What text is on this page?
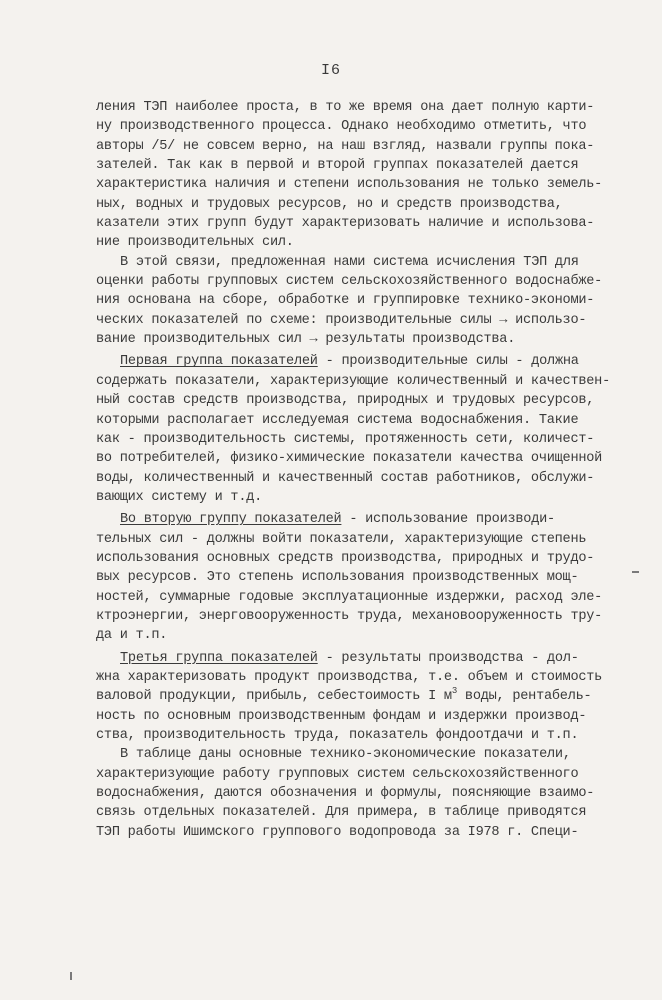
I6
ления ТЭП наиболее проста, в то же время она дает полную карти-
ну производственного процесса. Однако необходимо отметить, что
авторы /5/ не совсем верно, на наш взгляд, назвали группы пока-
зателей. Так как в первой и второй группах показателей дается
характеристика наличия и степени использования не только земель-
ных, водных и трудовых ресурсов, но и средств производства,
казатели этих групп будут характеризовать наличие и использова-
ние производительных сил.
В этой связи, предложенная нами система исчисления ТЭП для
оценки работы групповых систем сельскохозяйственного водоснабже-
ния основана на сборе, обработке и группировке технико-экономи-
ческих показателей по схеме: производительные силы → использо-
вание производительных сил → результаты производства.
Первая группа показателей - производительные силы - должна
содержать показатели, характеризующие количественный и качествен-
ный состав средств производства, природных и трудовых ресурсов,
которыми располагает исследуемая система водоснабжения. Такие
как - производительность системы, протяженность сети, количест-
во потребителей, физико-химические показатели качества очищенной
воды, количественный и качественный состав работников, обслужи-
вающих систему и т.д.
Во вторую группу показателей - использование производи-
тельных сил - должны войти показатели, характеризующие степень
использования основных средств производства, природных и трудо-
вых ресурсов. Это степень использования производственных мощ-
ностей, суммарные годовые эксплуатационные издержки, расход эле-
ктроэнергии, энерговооруженность труда, механовооруженность тру-
да и т.п.
Третья группа показателей - результаты производства - дол-
жна характеризовать продукт производства, т.е. объем и стоимость
валовой продукции, прибыль, себестоимость I $м^3$ воды, рентабель-
ность по основным производственным фондам и издержки производ-
ства, производительность труда, показатель фондоотдачи и т.п.
В таблице даны основные технико-экономические показатели,
характеризующие работу групповых систем сельскохозяйственного
водоснабжения, даются обозначения и формулы, поясняющие взаимо-
связь отдельных показателей. Для примера, в таблице приводятся
ТЭП работы Ишимского группового водопровода за I978 г. Специ-
